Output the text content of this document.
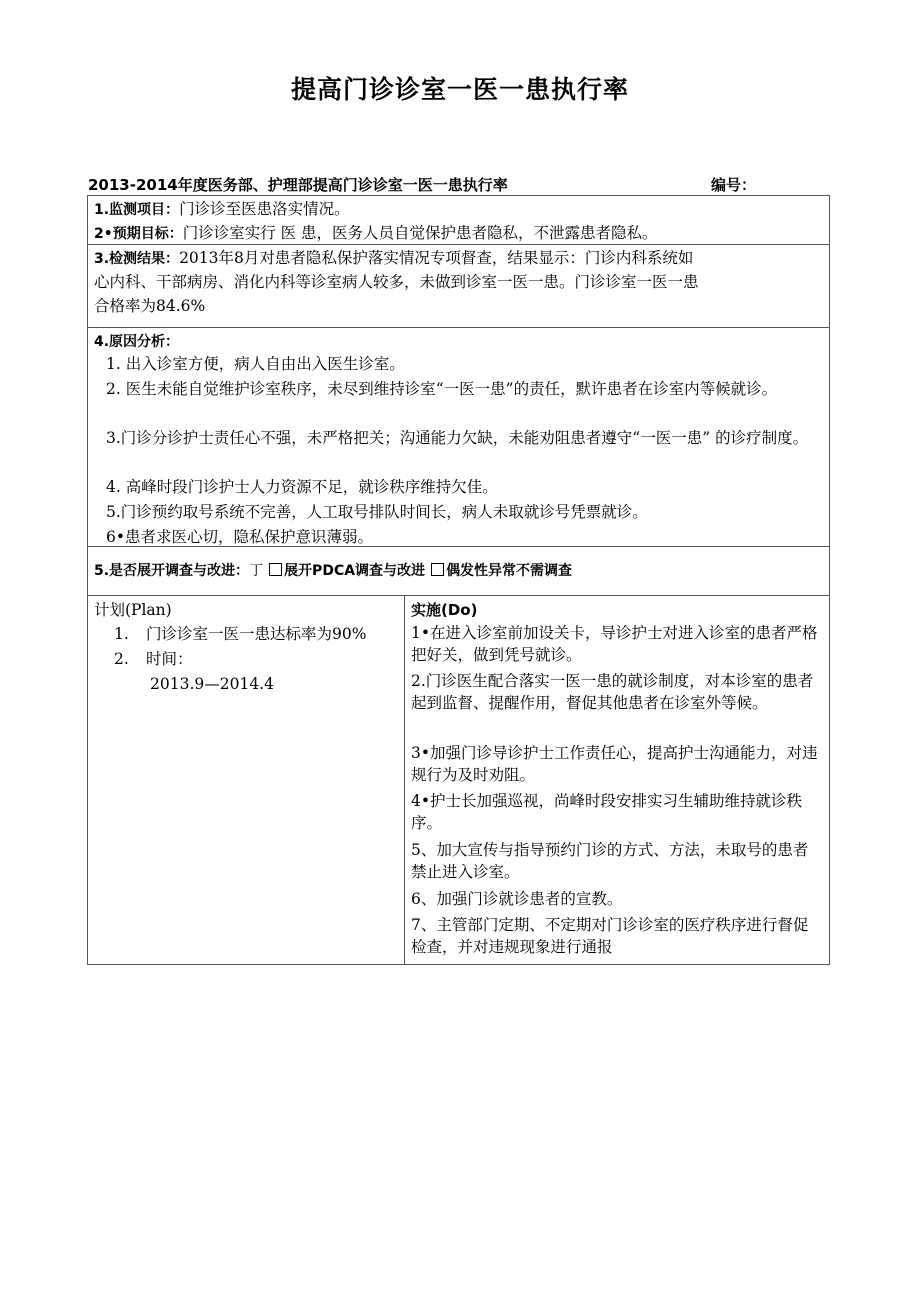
提高门诊诊室一医一患执行率
2013-2014年度医务部、护理部提高门诊诊室一医一患执行率	编号：
1.监测项目：门诊诊至医患洛实情况。
2•预期目标：门诊诊室实行 医 患，医务人员自觉保护患者隐私，不泄露患者隐私。
3.检测结果：2013年8月对患者隐私保护落实情况专项督查，结果显示：门诊内科系统如
心内科、干部病房、消化内科等诊室病人较多，未做到诊室一医一患。门诊诊室一医一患
合格率为84.6%
4.原因分析：
1. 出入诊室方便，病人自由出入医生诊室。
2. 医生未能自觉维护诊室秩序，未尽到维持诊室“一医一患”的责任，默许患者在诊室内等候就诊。
3.门诊分诊护士责任心不强，未严格把关；沟通能力欠缺，未能劝阻患者遵守“一医一患” 的诊疗制度。
4. 高峰时段门诊护士人力资源不足，就诊秩序维持欠佳。
5.门诊预约取号系统不完善，人工取号排队时间长，病人未取就诊号凭票就诊。
6•患者求医心切，隐私保护意识薄弱。
5.是否展开调查与改进：丁 展开PDCA调查与改进 偶发性异常不需调查
计划(Plan)
1. 门诊诊室一医一患达标率为90%
2. 时间：
2013.9—2014.4
实施(Do)
1•在进入诊室前加设关卡，导诊护士对进入诊室的患者严格把好关，做到凭号就诊。
2.门诊医生配合落实一医一患的就诊制度，对本诊室的患者起到监督、提醒作用，督促其他患者在诊室外等候。
3•加强门诊导诊护士工作责任心，提高护士沟通能力，对违规行为及时劝阻。
4•护士长加强巡视，尚峰时段安排实习生辅助维持就诊秩序。
5、加大宣传与指导预约门诊的方式、方法，未取号的患者禁止进入诊室。
6、加强门诊就诊患者的宣教。
7、主管部门定期、不定期对门诊诊室的医疗秩序进行督促检查，并对违规现象进行通报
